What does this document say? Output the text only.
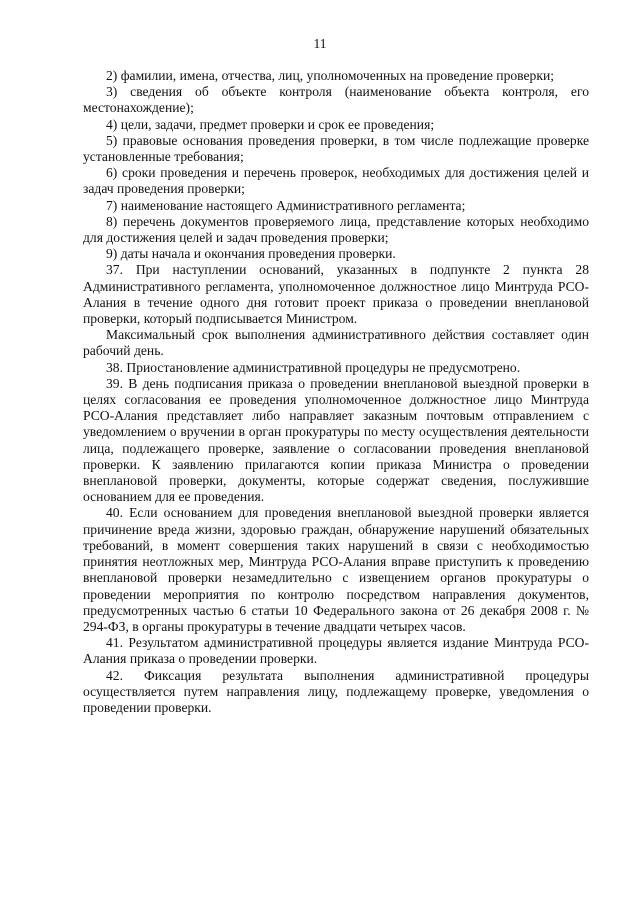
11

2) фамилии, имена, отчества, лиц, уполномоченных на проведение проверки;

3) сведения об объекте контроля (наименование объекта контроля, его местонахождение);

4) цели, задачи, предмет проверки и срок ее проведения;

5) правовые основания проведения проверки, в том числе подлежащие проверке установленные требования;

6) сроки проведения и перечень проверок, необходимых для достижения целей и задач проведения проверки;

7) наименование настоящего Административного регламента;

8) перечень документов проверяемого лица, представление которых необходимо для достижения целей и задач проведения проверки;

9) даты начала и окончания проведения проверки.

37. При наступлении оснований, указанных в подпункте 2 пункта 28 Административного регламента, уполномоченное должностное лицо Минтруда РСО-Алания в течение одного дня готовит проект приказа о проведении внеплановой проверки, который подписывается Министром.

Максимальный срок выполнения административного действия составляет один рабочий день.

38. Приостановление административной процедуры не предусмотрено.

39. В день подписания приказа о проведении внеплановой выездной проверки в целях согласования ее проведения уполномоченное должностное лицо Минтруда РСО-Алания представляет либо направляет заказным почтовым отправлением с уведомлением о вручении в орган прокуратуры по месту осуществления деятельности лица, подлежащего проверке, заявление о согласовании проведения внеплановой проверки. К заявлению прилагаются копии приказа Министра о проведении внеплановой проверки, документы, которые содержат сведения, послужившие основанием для ее проведения.

40. Если основанием для проведения внеплановой выездной проверки является причинение вреда жизни, здоровью граждан, обнаружение нарушений обязательных требований, в момент совершения таких нарушений в связи с необходимостью принятия неотложных мер, Минтруда РСО-Алания вправе приступить к проведению внеплановой проверки незамедлительно с извещением органов прокуратуры о проведении мероприятия по контролю посредством направления документов, предусмотренных частью 6 статьи 10 Федерального закона от 26 декабря 2008 г. № 294-ФЗ, в органы прокуратуры в течение двадцати четырех часов.

41. Результатом административной процедуры является издание Минтруда РСО-Алания приказа о проведении проверки.

42. Фиксация результата выполнения административной процедуры осуществляется путем направления лицу, подлежащему проверке, уведомления о проведении проверки.
